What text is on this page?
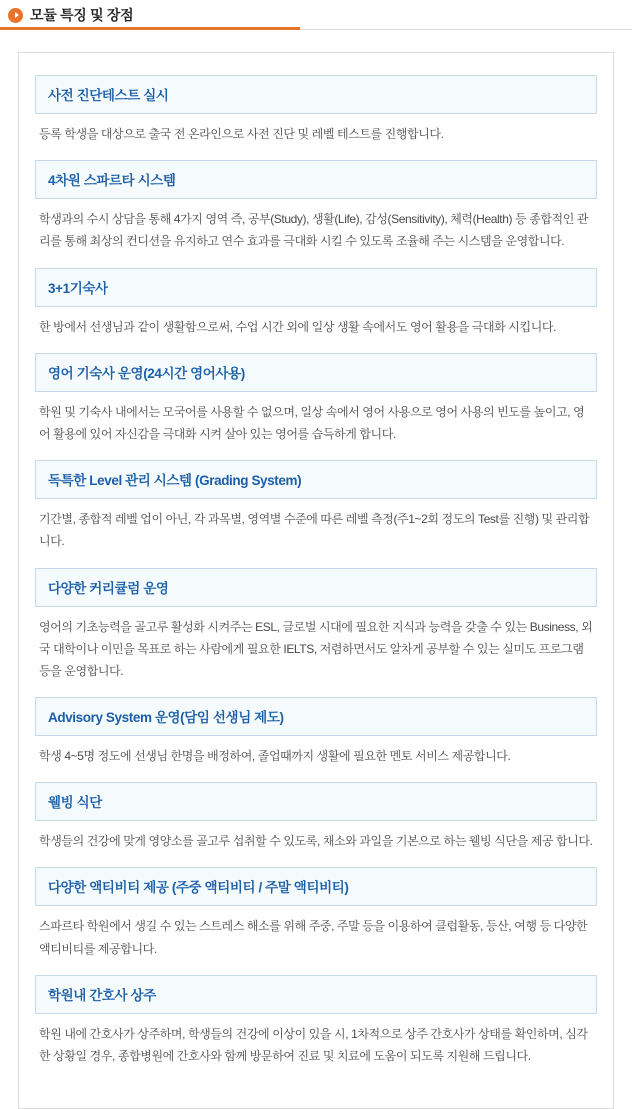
모듈 특징 및 장점
사전 진단테스트 실시
등록 학생을 대상으로 출국 전 온라인으로 사전 진단 및 레벨 테스트를 진행합니다.
4차원 스파르타 시스템
학생과의 수시 상담을 통해 4가지 영역 즉, 공부(Study), 생활(Life), 감성(Sensitivity), 체력(Health) 등 종합적인 관리를 통해 최상의 컨디션을 유지하고 연수 효과를 극대화 시킬 수 있도록 조율해 주는 시스템을 운영합니다.
3+1기숙사
한 방에서 선생님과 같이 생활함으로써, 수업 시간 외에 일상 생활 속에서도 영어 활용을 극대화 시킵니다.
영어 기숙사 운영(24시간 영어사용)
학원 및 기숙사 내에서는 모국어를 사용할 수 없으며, 일상 속에서 영어 사용으로 영어 사용의 빈도를 높이고, 영어 활용에 있어 자신감을 극대화 시켜 살아 있는 영어를 습득하게 합니다.
독특한 Level 관리 시스템 (Grading System)
기간별, 종합적 레벨 업이 아닌, 각 과목별, 영역별 수준에 따른 레벨 측정(주1~2회 정도의 Test를 진행) 및 관리합니다.
다양한 커리큘럼 운영
영어의 기초능력을 골고루 활성화 시켜주는 ESL, 글로벌 시대에 필요한 지식과 능력을 갖출 수 있는 Business, 외국 대학이나 이민을 목표로 하는 사람에게 필요한 IELTS, 저렴하면서도 알차게 공부할 수 있는 실미도 프로그램 등을 운영합니다.
Advisory System 운영(담임 선생님 제도)
학생 4~5명 정도에 선생님 한명을 배정하여, 졸업때까지 생활에 필요한 멘토 서비스 제공합니다.
웰빙 식단
학생들의 건강에 맞게 영양소를 골고루 섭취할 수 있도록, 채소와 과일을 기본으로 하는 웰빙 식단을 제공 합니다.
다양한 액티비티 제공 (주중 액티비티 / 주말 액티비티)
스파르타 학원에서 생길 수 있는 스트레스 해소를 위해 주중, 주말 등을 이용하여 클럽활동, 등산, 여행 등 다양한 액티비티를 제공합니다.
학원내 간호사 상주
학원 내에 간호사가 상주하며, 학생들의 건강에 이상이 있을 시, 1차적으로 상주 간호사가 상태를 확인하며, 심각한 상황일 경우, 종합병원에 간호사와 함께 방문하여 진료 및 치료에 도움이 되도록 지원해 드립니다.
